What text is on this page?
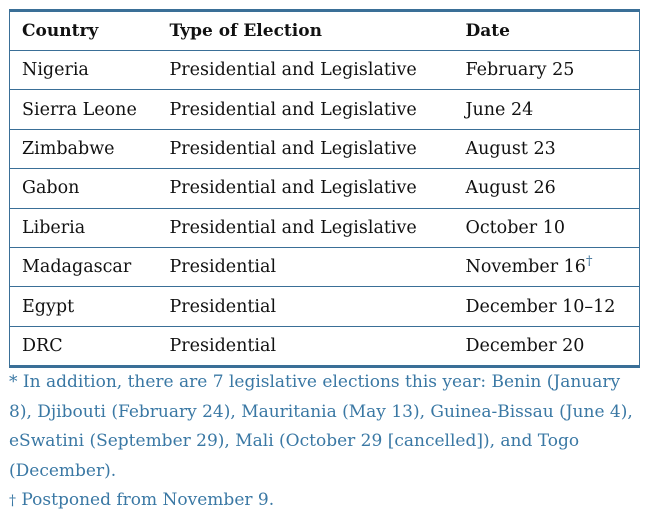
Country	Type of Election	Date
Nigeria	Presidential and Legislative	February 25
Sierra Leone	Presidential and Legislative	June 24
Zimbabwe	Presidential and Legislative	August 23
Gabon	Presidential and Legislative	August 26
Liberia	Presidential and Legislative	October 10
Madagascar	Presidential	November 16†
Egypt	Presidential	December 10–12
DRC	Presidential	December 20

* In addition, there are 7 legislative elections this year: Benin (January 8), Djibouti (February 24), Mauritania (May 13), Guinea-Bissau (June 4), eSwatini (September 29), Mali (October 29 [cancelled]), and Togo (December).

† Postponed from November 9.
